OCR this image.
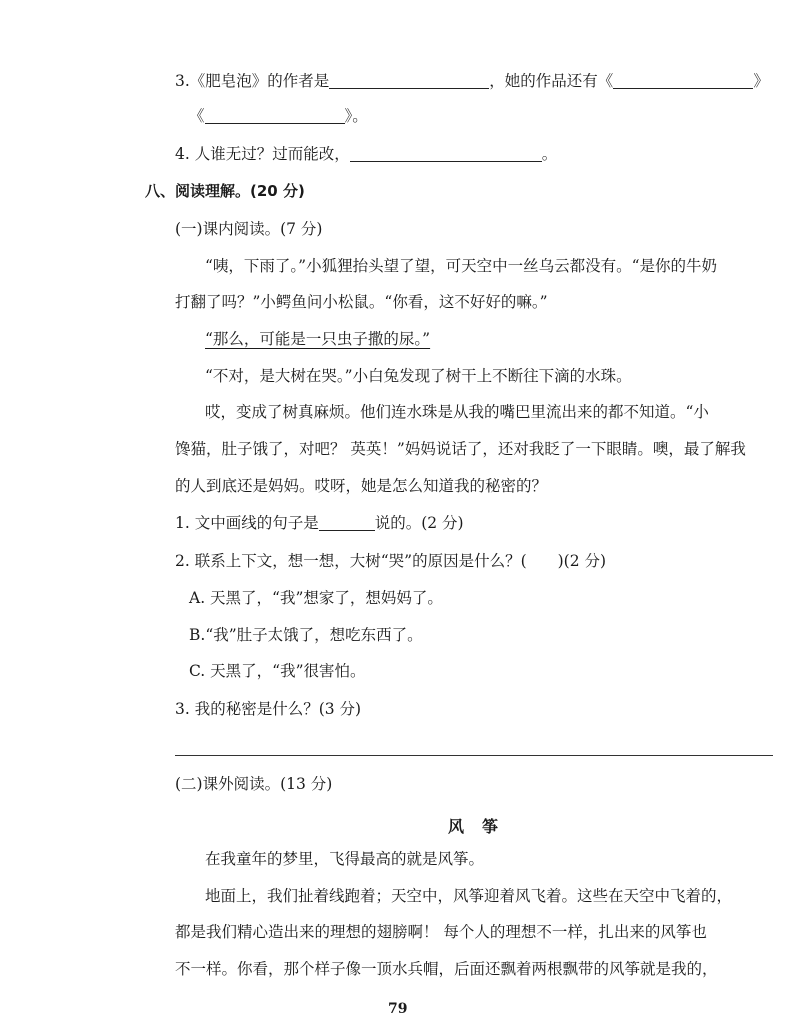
3.《肥皂泡》的作者是	，她的作品还有《	》
《	》。
4. 人谁无过？过而能改，	。
八、阅读理解。(20 分)
(一)课内阅读。(7 分)
“咦，下雨了。”小狐狸抬头望了望，可天空中一丝乌云都没有。“是你的牛奶
打翻了吗？”小鳄鱼问小松鼠。“你看，这不好好的嘛。”
“那么，可能是一只虫子撒的尿。”
“不对，是大树在哭。”小白兔发现了树干上不断往下滴的水珠。
哎，变成了树真麻烦。他们连水珠是从我的嘴巴里流出来的都不知道。“小
馋猫，肚子饿了，对吧？ 英英！”妈妈说话了，还对我眨了一下眼睛。噢，最了解我
的人到底还是妈妈。哎呀，她是怎么知道我的秘密的？
1. 文中画线的句子是	说的。(2 分)
2. 联系上下文，想一想，大树“哭”的原因是什么？(　　)(2 分)
A. 天黑了，“我”想家了，想妈妈了。
B.“我”肚子太饿了，想吃东西了。
C. 天黑了，“我”很害怕。
3. 我的秘密是什么？(3 分)
(二)课外阅读。(13 分)
风筝
在我童年的梦里，飞得最高的就是风筝。
地面上，我们扯着线跑着；天空中，风筝迎着风飞着。这些在天空中飞着的，
都是我们精心造出来的理想的翅膀啊！ 每个人的理想不一样，扎出来的风筝也
不一样。你看，那个样子像一顶水兵帽，后面还飘着两根飘带的风筝就是我的，
79
